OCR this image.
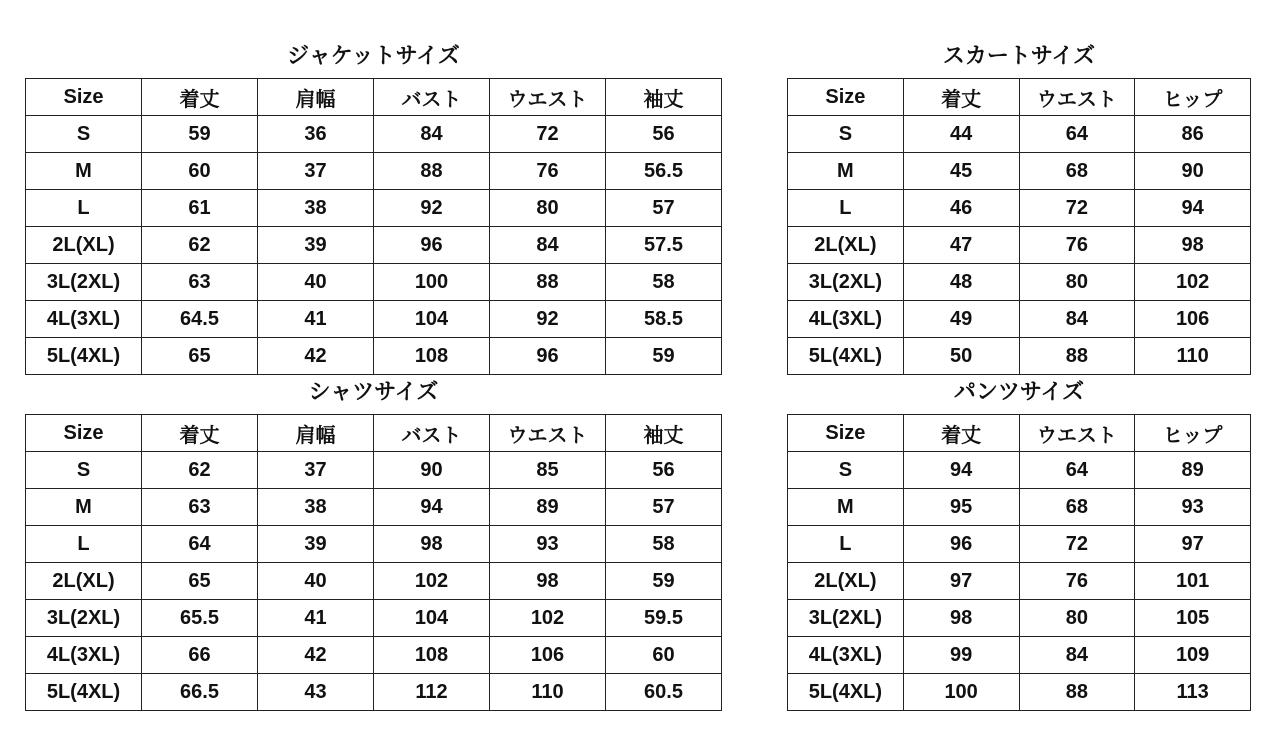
ジャケットサイズ
Size	着丈	肩幅	バスト	ウエスト	袖丈
S	59	36	84	72	56
M	60	37	88	76	56.5
L	61	38	92	80	57
2L(XL)	62	39	96	84	57.5
3L(2XL)	63	40	100	88	58
4L(3XL)	64.5	41	104	92	58.5
5L(4XL)	65	42	108	96	59
スカートサイズ
Size	着丈	ウエスト	ヒップ
S	44	64	86
M	45	68	90
L	46	72	94
2L(XL)	47	76	98
3L(2XL)	48	80	102
4L(3XL)	49	84	106
5L(4XL)	50	88	110
シャツサイズ
Size	着丈	肩幅	バスト	ウエスト	袖丈
S	62	37	90	85	56
M	63	38	94	89	57
L	64	39	98	93	58
2L(XL)	65	40	102	98	59
3L(2XL)	65.5	41	104	102	59.5
4L(3XL)	66	42	108	106	60
5L(4XL)	66.5	43	112	110	60.5
パンツサイズ
Size	着丈	ウエスト	ヒップ
S	94	64	89
M	95	68	93
L	96	72	97
2L(XL)	97	76	101
3L(2XL)	98	80	105
4L(3XL)	99	84	109
5L(4XL)	100	88	113
